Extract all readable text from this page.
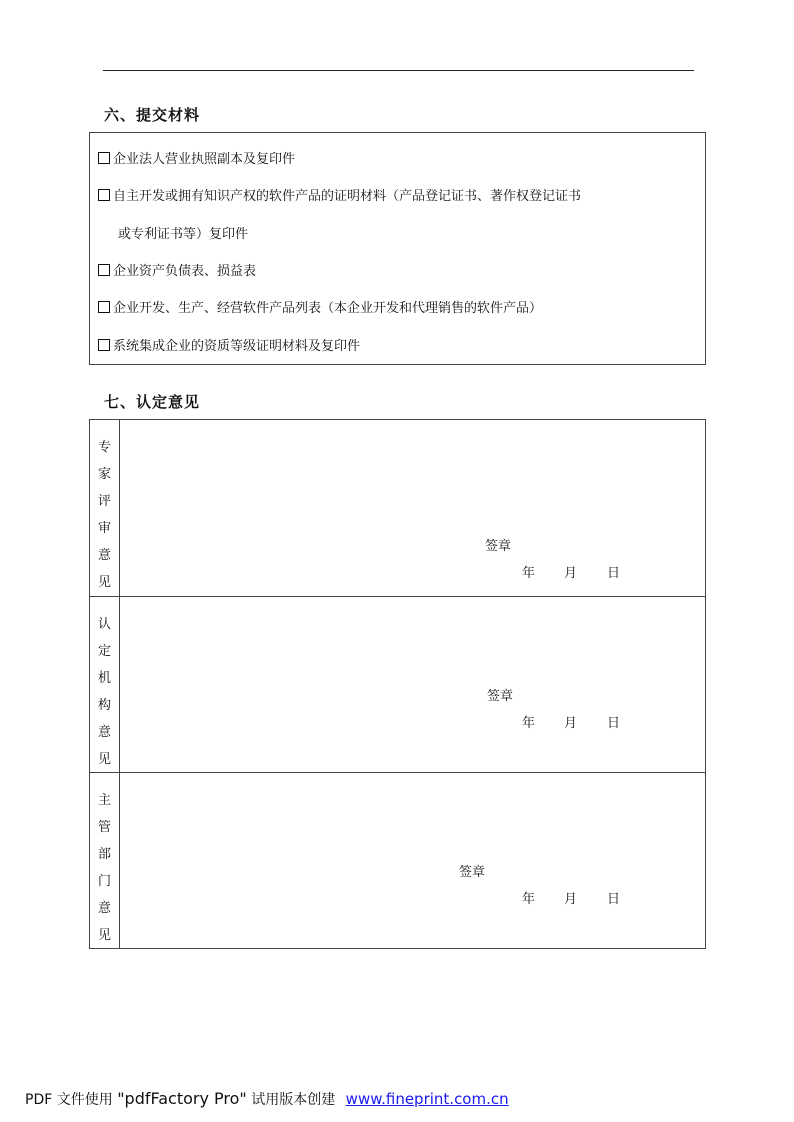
六、提交材料
企业法人营业执照副本及复印件
自主开发或拥有知识产权的软件产品的证明材料（产品登记证书、著作权登记证书
或专利证书等）复印件
企业资产负债表、损益表
企业开发、生产、经营软件产品列表（本企业开发和代理销售的软件产品）
系统集成企业的资质等级证明材料及复印件
七、认定意见
专家评审意见
签章
年 月 日
认定机构意见
签章
年 月 日
主管部门意见
签章
年 月 日
PDF 文件使用 "pdfFactory Pro" 试用版本创建 www.fineprint.com.cn
